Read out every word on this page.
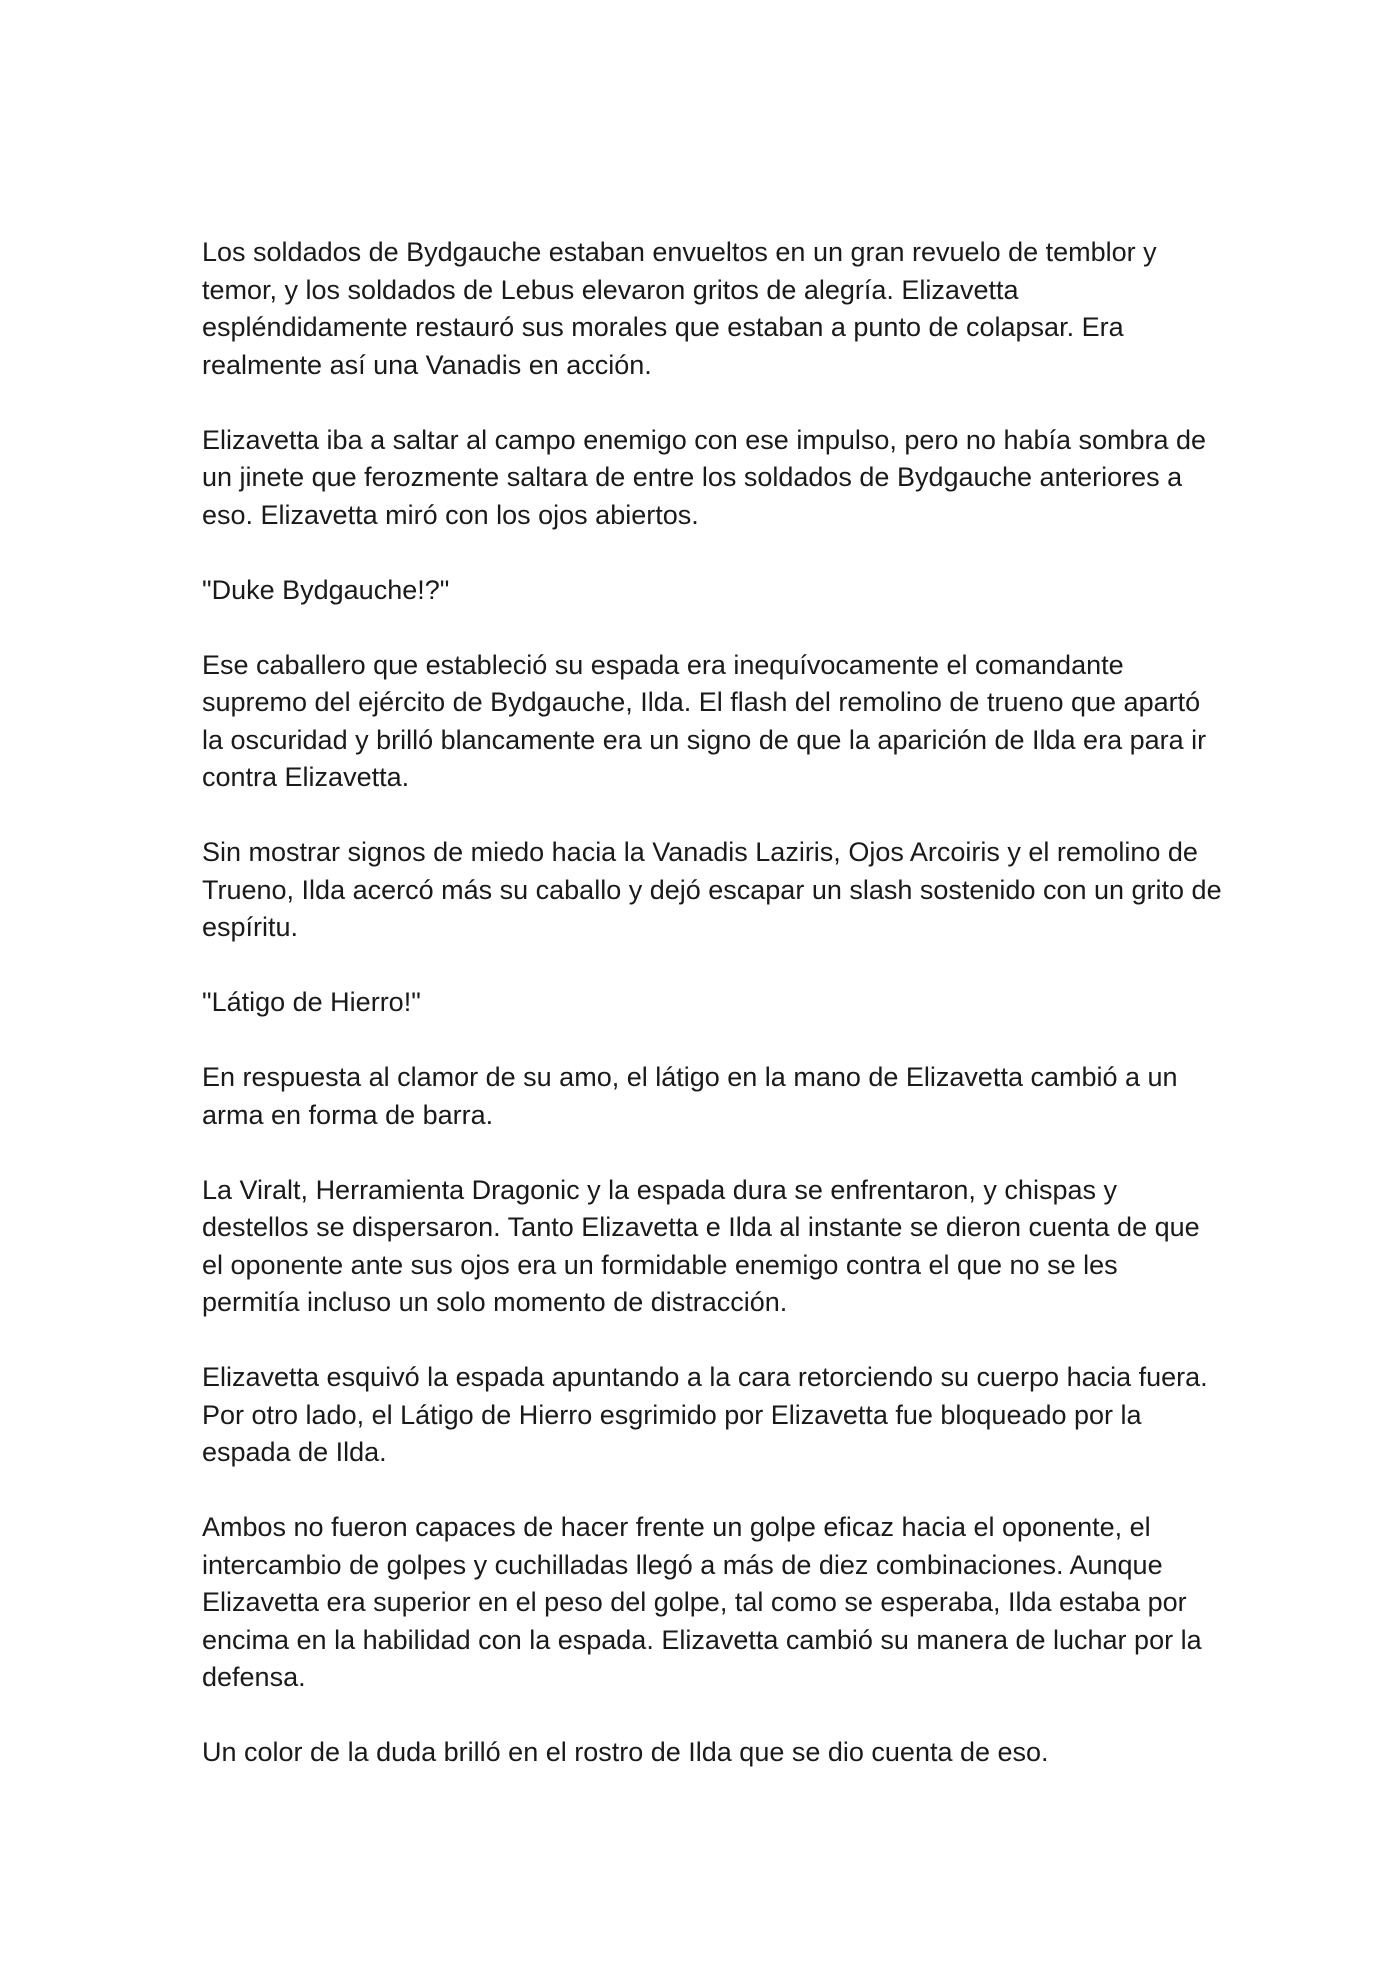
Los soldados de Bydgauche estaban envueltos en un gran revuelo de temblor y temor, y los soldados de Lebus elevaron gritos de alegría. Elizavetta espléndidamente restauró sus morales que estaban a punto de colapsar. Era realmente así una Vanadis en acción.

Elizavetta iba a saltar al campo enemigo con ese impulso, pero no había sombra de un jinete que ferozmente saltara de entre los soldados de Bydgauche anteriores a eso. Elizavetta miró con los ojos abiertos.

"Duke Bydgauche!?"

Ese caballero que estableció su espada era inequívocamente el comandante supremo del ejército de Bydgauche, Ilda. El flash del remolino de trueno que apartó la oscuridad y brilló blancamente era un signo de que la aparición de Ilda era para ir contra Elizavetta.

Sin mostrar signos de miedo hacia la Vanadis Laziris, Ojos Arcoiris y el remolino de Trueno, Ilda acercó más su caballo y dejó escapar un slash sostenido con un grito de espíritu.

"Látigo de Hierro!"

En respuesta al clamor de su amo, el látigo en la mano de Elizavetta cambió a un arma en forma de barra.

La Viralt, Herramienta Dragonic y la espada dura se enfrentaron, y chispas y destellos se dispersaron. Tanto Elizavetta e Ilda al instante se dieron cuenta de que el oponente ante sus ojos era un formidable enemigo contra el que no se les permitía incluso un solo momento de distracción.

Elizavetta esquivó la espada apuntando a la cara retorciendo su cuerpo hacia fuera. Por otro lado, el Látigo de Hierro esgrimido por Elizavetta fue bloqueado por la espada de Ilda.

Ambos no fueron capaces de hacer frente un golpe eficaz hacia el oponente, el intercambio de golpes y cuchilladas llegó a más de diez combinaciones. Aunque Elizavetta era superior en el peso del golpe, tal como se esperaba, Ilda estaba por encima en la habilidad con la espada. Elizavetta cambió su manera de luchar por la defensa.

Un color de la duda brilló en el rostro de Ilda que se dio cuenta de eso.
